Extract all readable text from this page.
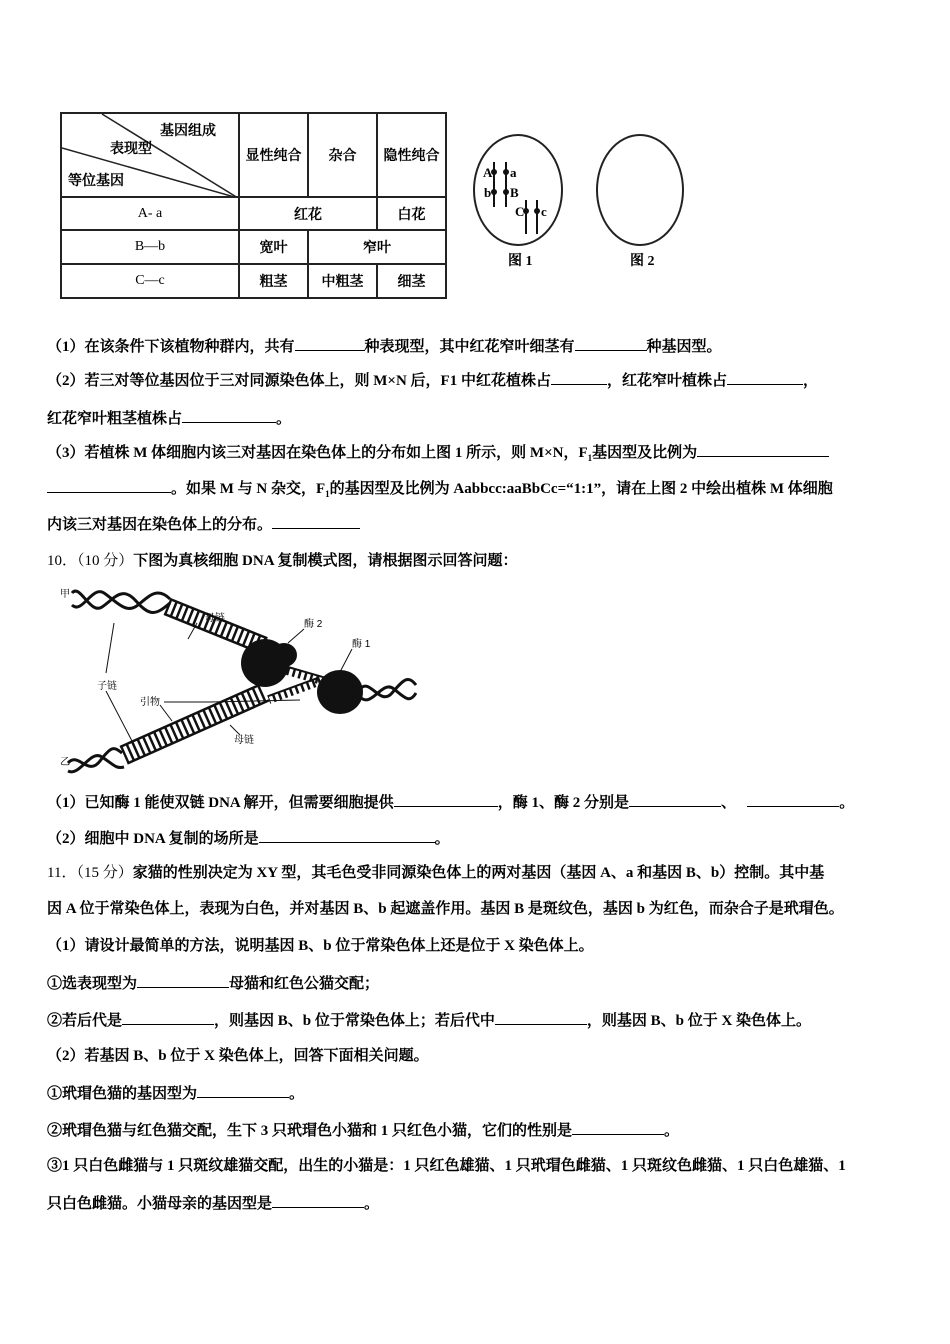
基因组成
表现型
等位基因	显性纯合	杂合	隐性纯合
A- a	红花		白花
B—b	宽叶	窄叶	
C—c	粗茎	中粗茎	细茎
A a
b B
C c
图 1	图 2
（1）在该条件下该植物种群内，共有	种表现型，其中红花窄叶细茎有	种基因型。
（2）若三对等位基因位于三对同源染色体上，则 M×N 后，F1 中红花植株占	，红花窄叶植株占	，
红花窄叶粗茎植株占	。
（3）若植株 M 体细胞内该三对基因在染色体上的分布如上图 1 所示，则 M×N，$F_1$基因型及比例为
。如果 M 与 N 杂交，$F_1$的基因型及比例为 Aabbcc:aaBbCc=“1:1”，请在上图 2 中绘出植株 M 体细胞
内该三对基因在染色体上的分布。
10．（10 分）下图为真核细胞 DNA 复制模式图，请根据图示回答问题：
甲
母链
酶 2
酶 1
子链
引物
母链
乙
（1）已知酶 1 能使双链 DNA 解开，但需要细胞提供	，酶 1、酶 2 分别是	、	。
（2）细胞中 DNA 复制的场所是	。
11．（15 分）家猫的性别决定为 XY 型，其毛色受非同源染色体上的两对基因（基因 A、a 和基因 B、b）控制。其中基
因 A 位于常染色体上，表现为白色，并对基因 B、b 起遮盖作用。基因 B 是斑纹色，基因 b 为红色，而杂合子是玳瑁色。
（1）请设计最简单的方法，说明基因 B、b 位于常染色体上还是位于 X 染色体上。
①选表现型为	母猫和红色公猫交配；
②若后代是	，则基因 B、b 位于常染色体上；若后代中	，则基因 B、b 位于 X 染色体上。
（2）若基因 B、b 位于 X 染色体上，回答下面相关问题。
①玳瑁色猫的基因型为	。
②玳瑁色猫与红色猫交配，生下 3 只玳瑁色小猫和 1 只红色小猫，它们的性别是	。
③1 只白色雌猫与 1 只斑纹雄猫交配，出生的小猫是：1 只红色雄猫、1 只玳瑁色雌猫、1 只斑纹色雌猫、1 只白色雄猫、1
只白色雌猫。小猫母亲的基因型是	。
